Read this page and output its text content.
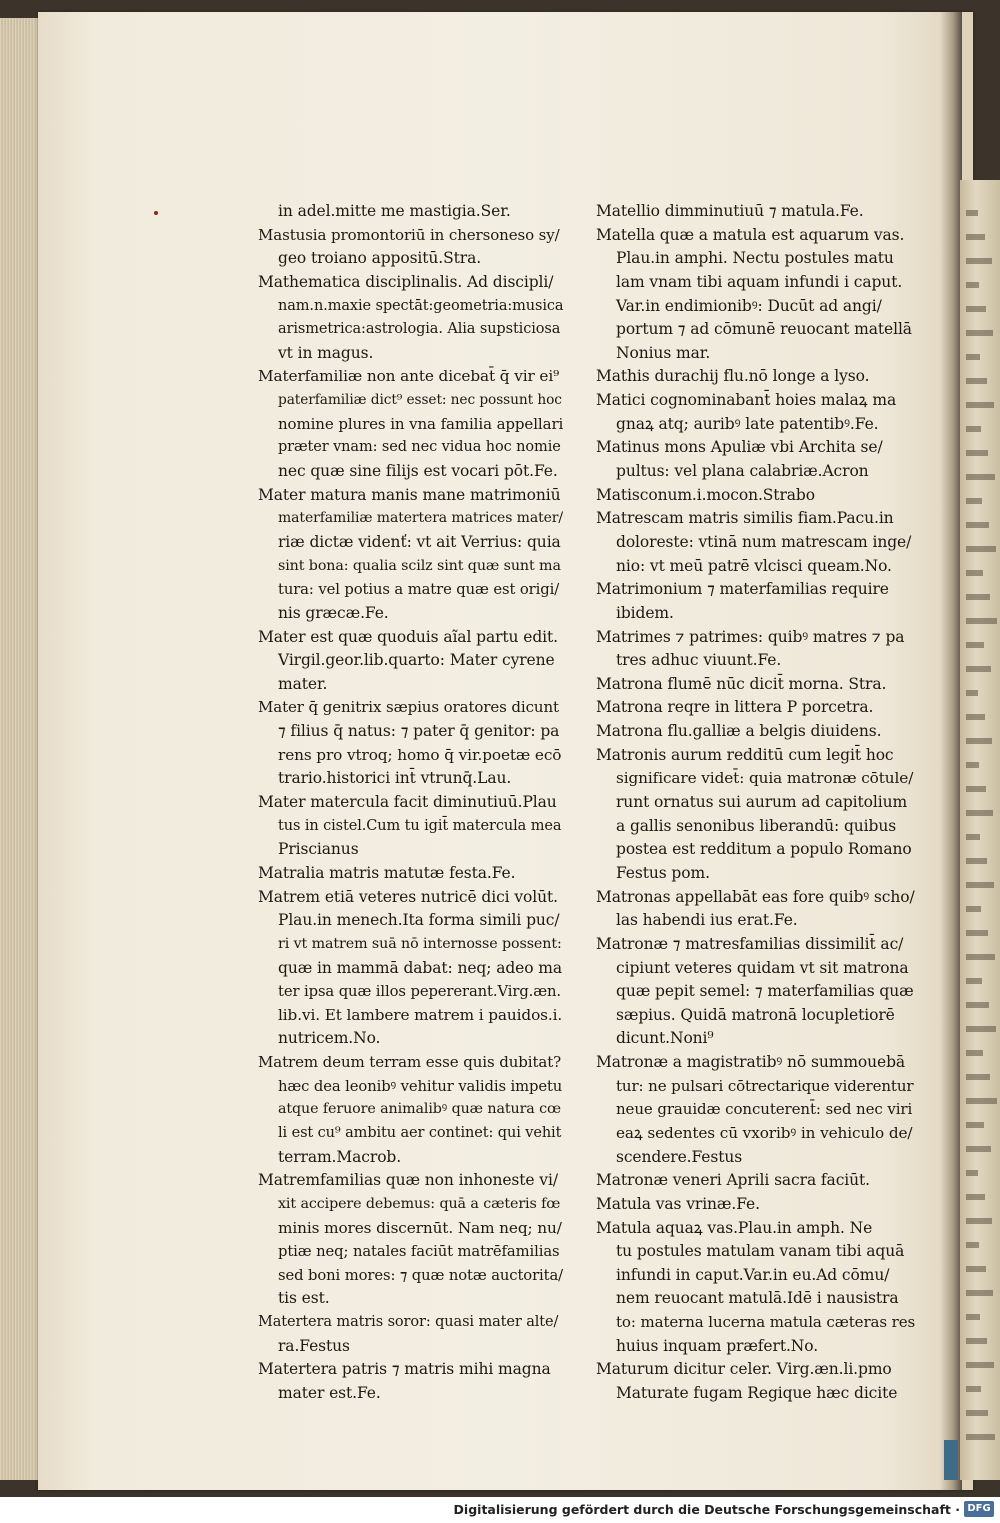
in adel.mitte me mastigia.Ser.
Mastusia promontoriū in chersoneso sy/
geo troiano appositū.Stra.
Mathematica disciplinalis. Ad discipli/
nam.n.maxie spectāt:geometria:musica
arismetrica:astrologia. Alia supsticiosa
vt in magus.
Materfamiliæ non ante dicebat̄ q̄ vir ei⁹
paterfamiliæ dict⁹ esset: nec possunt hoc
nomine plures in vna familia appellari
præter vnam: sed nec vidua hoc nomie
nec quæ sine filijs est vocari pōt.Fe.
Mater matura manis mane matrimoniū
materfamiliæ matertera matrices mater/
riæ dictæ videnť: vt ait Verrius: quia
sint bona: qualia scilz sint quæ sunt ma
tura: vel potius a matre quæ est origi/
nis græcæ.Fe.
Mater est quæ quoduis aĩal partu edit.
Virgil.geor.lib.quarto: Mater cyrene
mater.
Mater q̄ genitrix sæpius oratores dicunt
⁊ filius q̄ natus: ⁊ pater q̄ genitor: pa
rens pro vtroq; homo q̄ vir.poetæ ecō
trario.historici int̄ vtrunq̄.Lau.
Mater matercula facit diminutiuū.Plau
tus in cistel.Cum tu igit̄ matercula mea
Priscianus
Matralia matris matutæ festa.Fe.
Matrem etiā veteres nutricē dici volūt.
Plau.in menech.Ita forma simili puc/
ri vt matrem suā nō internosse possent:
quæ in mammā dabat: neq; adeo ma
ter ipsa quæ illos pepererant.Virg.æn.
lib.vi. Et lambere matrem i pauidos.i.
nutricem.No.
Matrem deum terram esse quis dubitat?
hæc dea leonibꝰ vehitur validis impetu
atque feruore animalibꝰ quæ natura cœ
li est cu⁹ ambitu aer continet: qui vehit
terram.Macrob.
Matremfamilias quæ non inhoneste vi/
xit accipere debemus: quā a cæteris fœ
minis mores discernūt. Nam neq; nu/
ptiæ neq; natales faciūt matrēfamilias
sed boni mores: ⁊ quæ notæ auctorita/
tis est.
Matertera matris soror: quasi mater alte/
ra.Festus
Matertera patris ⁊ matris mihi magna
mater est.Fe.
Matellio dimminutiuū ⁊ matula.Fe.
Matella quæ a matula est aquarum vas.
Plau.in amphi. Nectu postules matu
lam vnam tibi aquam infundi i caput.
Var.in endimionibꝰ: Ducūt ad angi/
portum ⁊ ad cōmunē reuocant matellā
Nonius mar.
Mathis durachij flu.nō longe a lyso.
Matici cognominabant̄ hoies malaꝝ ma
gnaꝝ atq; auribꝰ late patentibꝰ.Fe.
Matinus mons Apuliæ vbi Archita se/
pultus: vel plana calabriæ.Acron
Matisconum.i.mocon.Strabo
Matrescam matris similis fiam.Pacu.in
doloreste: vtinā num matrescam inge/
nio: vt meū patrē vlcisci queam.No.
Matrimonium ⁊ materfamilias require
ibidem.
Matrimes ⁊ patrimes: quibꝰ matres ⁊ pa
tres adhuc viuunt.Fe.
Matrona flumē nūc dicit̄ morna. Stra.
Matrona reqre in littera P porcetra.
Matrona flu.galliæ a belgis diuidens.
Matronis aurum redditū cum legit̄ hoc
significare videt̄: quia matronæ cōtule/
runt ornatus sui aurum ad capitolium
a gallis senonibus liberandū: quibus
postea est redditum a populo Romano
Festus pom.
Matronas appellabāt eas fore quibꝰ scho/
las habendi ius erat.Fe.
Matronæ ⁊ matresfamilias dissimilit̄ ac/
cipiunt veteres quidam vt sit matrona
quæ pepit semel: ⁊ materfamilias quæ
sæpius. Quidā matronā locupletiorē
dicunt.Noni⁹
Matronæ a magistratibꝰ nō summouebā
tur: ne pulsari cōtrectarique viderentur
neue grauidæ concuterent̄: sed nec viri
eaꝝ sedentes cū vxoribꝰ in vehiculo de/
scendere.Festus
Matronæ veneri Aprili sacra faciūt.
Matula vas vrinæ.Fe.
Matula aquaꝝ vas.Plau.in amph. Ne
tu postules matulam vanam tibi aquā
infundi in caput.Var.in eu.Ad cōmu/
nem reuocant matulā.Idē i nausistra
to: materna lucerna matula cæteras res
huius inquam præfert.No.
Maturum dicitur celer. Virg.æn.li.pmo
Maturate fugam Regique hæc dicite
Digitalisierung gefördert durch die Deutsche Forschungsgemeinschaft · DFG
